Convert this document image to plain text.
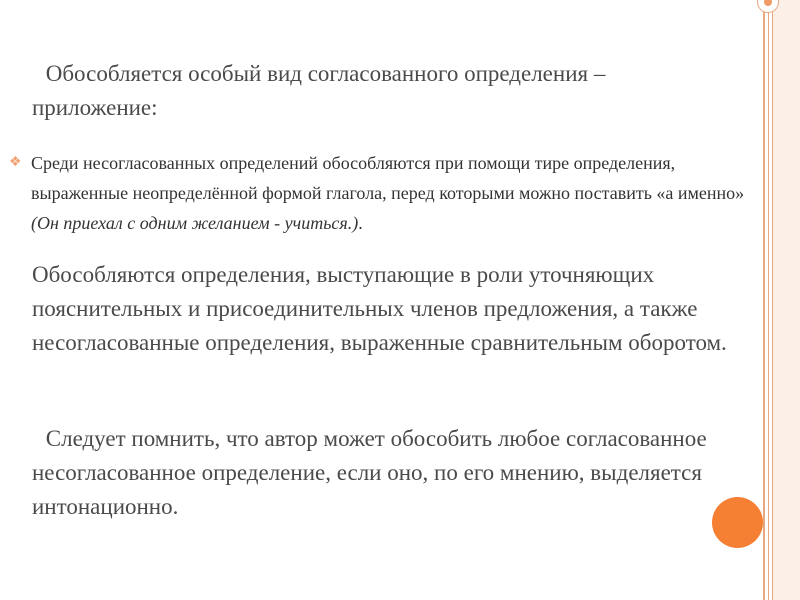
Обособляется особый вид согласованного определения – приложение:
❖ Среди несогласованных определений обособляются при помощи тире определения, выраженные неопределённой формой глагола, перед которыми можно поставить «а именно» (Он приехал с одним желанием - учиться.).
Обособляются определения, выступающие в роли уточняющих пояснительных и присоединительных членов предложения, а также несогласованные определения, выраженные сравнительным оборотом.
Следует помнить, что автор может обособить любое согласованное несогласованное определение, если оно, по его мнению, выделяется интонационно.
